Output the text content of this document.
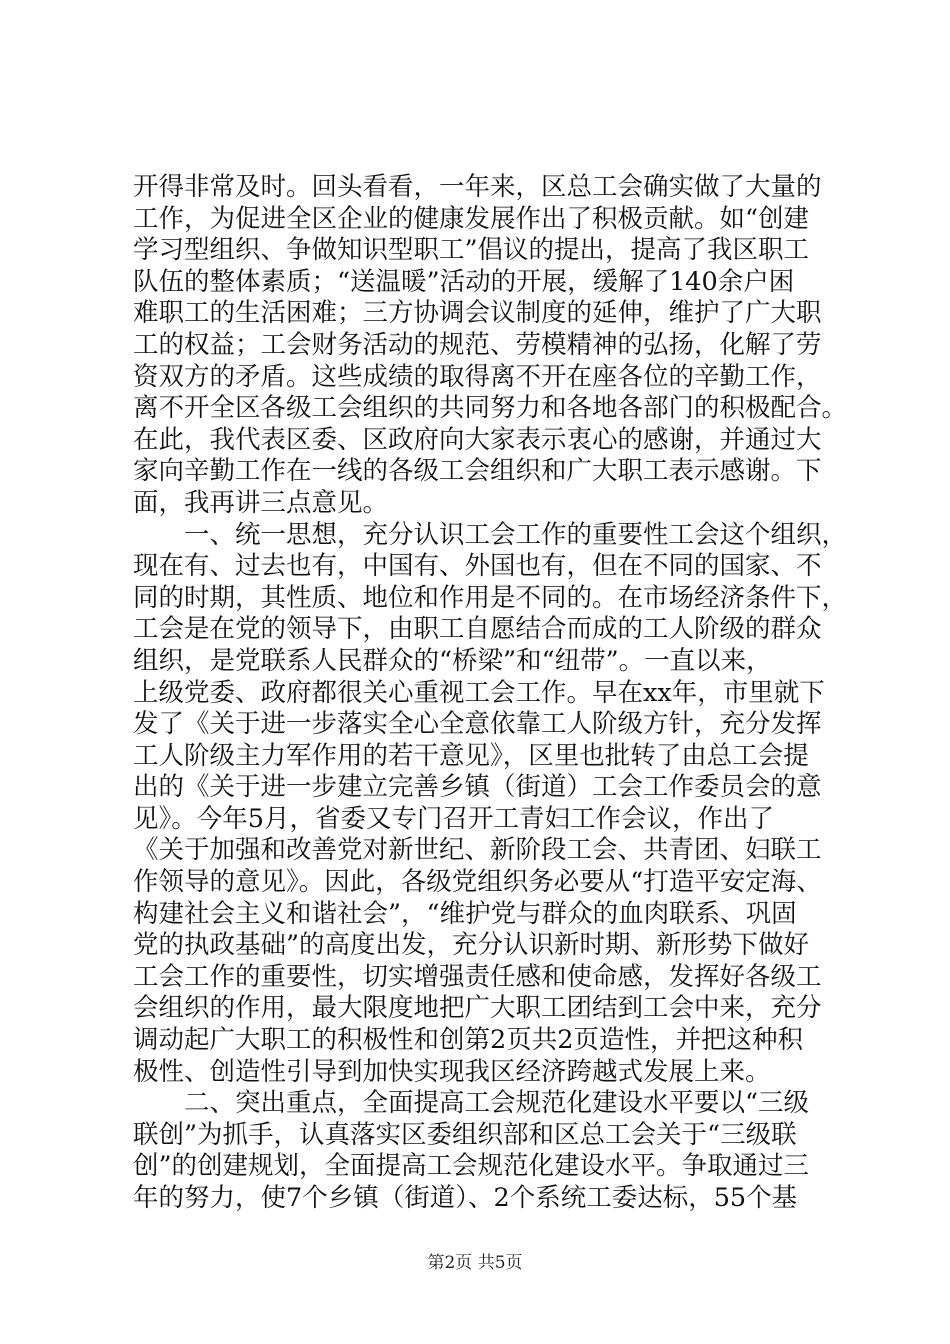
开得非常及时。回头看看，一年来，区总工会确实做了大量的
工作，为促进全区企业的健康发展作出了积极贡献。如“创建
学习型组织、争做知识型职工”倡议的提出，提高了我区职工
队伍的整体素质；“送温暖”活动的开展，缓解了140余户困
难职工的生活困难；三方协调会议制度的延伸，维护了广大职
工的权益；工会财务活动的规范、劳模精神的弘扬，化解了劳
资双方的矛盾。这些成绩的取得离不开在座各位的辛勤工作，
离不开全区各级工会组织的共同努力和各地各部门的积极配合。
在此，我代表区委、区政府向大家表示衷心的感谢，并通过大
家向辛勤工作在一线的各级工会组织和广大职工表示感谢。下
面，我再讲三点意见。
　　一、统一思想，充分认识工会工作的重要性工会这个组织，
现在有、过去也有，中国有、外国也有，但在不同的国家、不
同的时期，其性质、地位和作用是不同的。在市场经济条件下，
工会是在党的领导下，由职工自愿结合而成的工人阶级的群众
组织，是党联系人民群众的“桥梁”和“纽带”。一直以来，
上级党委、政府都很关心重视工会工作。早在xx年，市里就下
发了《关于进一步落实全心全意依靠工人阶级方针，充分发挥
工人阶级主力军作用的若干意见》，区里也批转了由总工会提
出的《关于进一步建立完善乡镇（街道）工会工作委员会的意
见》。今年5月，省委又专门召开工青妇工作会议，作出了
《关于加强和改善党对新世纪、新阶段工会、共青团、妇联工
作领导的意见》。因此，各级党组织务必要从“打造平安定海、
构建社会主义和谐社会”，“维护党与群众的血肉联系、巩固
党的执政基础”的高度出发，充分认识新时期、新形势下做好
工会工作的重要性，切实增强责任感和使命感，发挥好各级工
会组织的作用，最大限度地把广大职工团结到工会中来，充分
调动起广大职工的积极性和创第2页共2页造性，并把这种积
极性、创造性引导到加快实现我区经济跨越式发展上来。
　　二、突出重点，全面提高工会规范化建设水平要以“三级
联创”为抓手，认真落实区委组织部和区总工会关于“三级联
创”的创建规划，全面提高工会规范化建设水平。争取通过三
年的努力，使7个乡镇（街道）、2个系统工委达标，55个基
第2页 共5页
